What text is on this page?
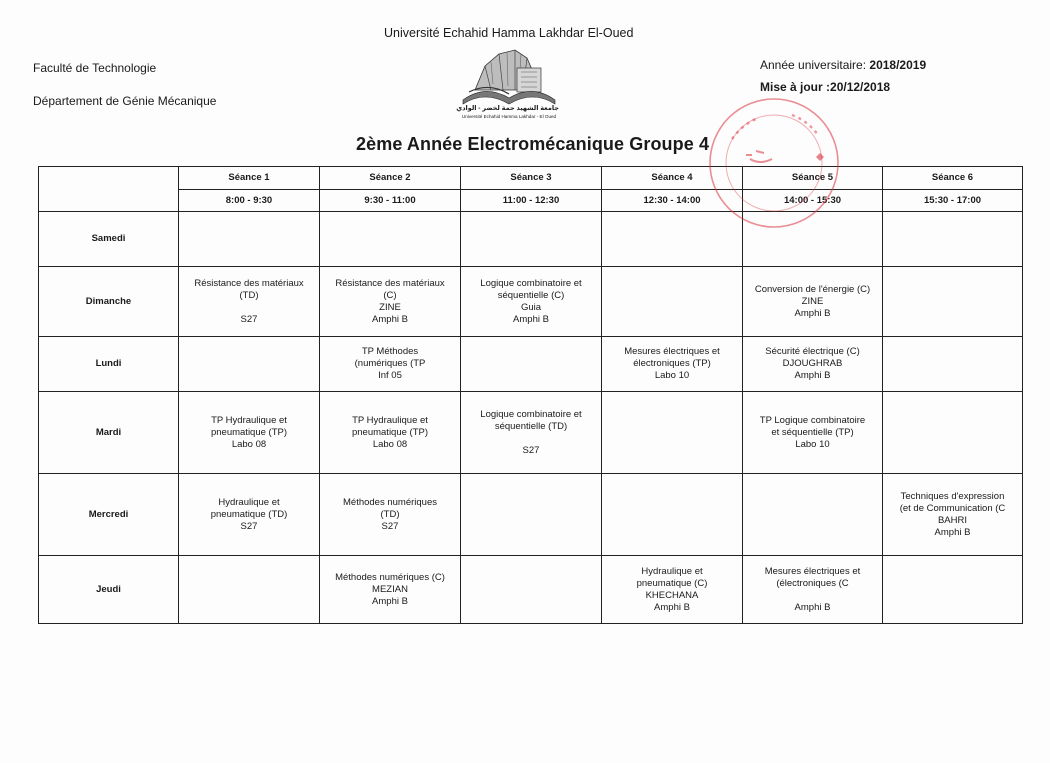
Université Echahid Hamma Lakhdar El-Oued
Faculté de Technologie
Département de Génie Mécanique
Année universitaire: 2018/2019
Mise à jour :20/12/2018
جامعة الشهيد حمة لخضر - الوادي
Université Echahid Hamma Lakhdar - El Oued
2ème Année Electromécanique Groupe 4
	Séance 1	Séance 2	Séance 3	Séance 4	Séance 5	Séance 6
	8:00 - 9:30	9:30 - 11:00	11:00 - 12:30	12:30 - 14:00	14:00 - 15:30	15:30 - 17:00
Samedi						
Dimanche	Résistance des matériaux
(TD)

S27	Résistance des matériaux
(C)
ZINE
Amphi B	Logique combinatoire et
séquentielle (C)
Guia
Amphi B		Conversion de l'énergie (C)
ZINE
Amphi B	

Lundi		TP Méthodes
(numériques (TP
Inf 05		Mesures électriques et
électroniques (TP)
Labo 10	Sécurité électrique (C)
DJOUGHRAB
Amphi B	

Mardi	TP Hydraulique et
pneumatique (TP)
Labo 08	TP Hydraulique et
pneumatique (TP)
Labo 08	Logique combinatoire et
séquentielle (TD)

S27		TP Logique combinatoire
et séquentielle (TP)
Labo 10	

Mercredi	Hydraulique et
pneumatique (TD)
S27	Méthodes numériques
(TD)
S27				Techniques d'expression
(et de Communication (C
BAHRI
Amphi B

Jeudi		Méthodes numériques (C)
MEZIAN
Amphi B		Hydraulique et
pneumatique (C)
KHECHANA
Amphi B	Mesures électriques et
(électroniques (C

Amphi B	
